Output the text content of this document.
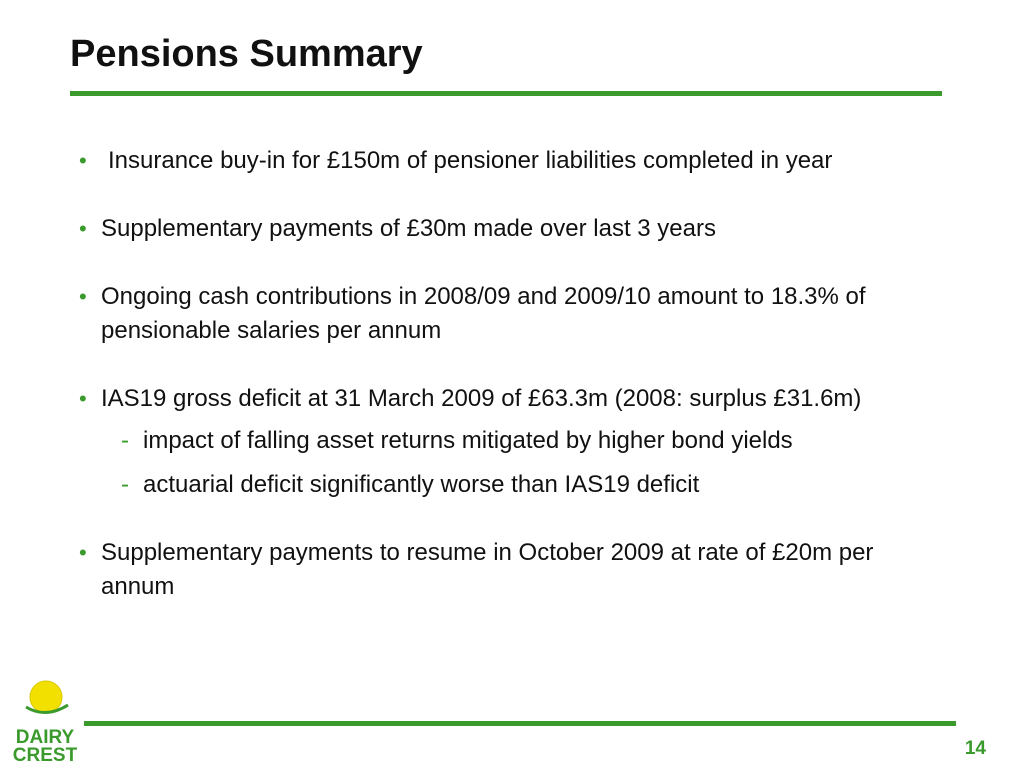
Pensions Summary
• Insurance buy-in for £150m of pensioner liabilities completed in year
• Supplementary payments of £30m made over last 3 years
• Ongoing cash contributions in 2008/09 and 2009/10 amount to 18.3% of pensionable salaries per annum
• IAS19 gross deficit at 31 March 2009 of £63.3m (2008: surplus £31.6m)
- impact of falling asset returns mitigated by higher bond yields
- actuarial deficit significantly worse than IAS19 deficit
• Supplementary payments to resume in October 2009 at rate of £20m per annum
DAIRY
CREST	14
